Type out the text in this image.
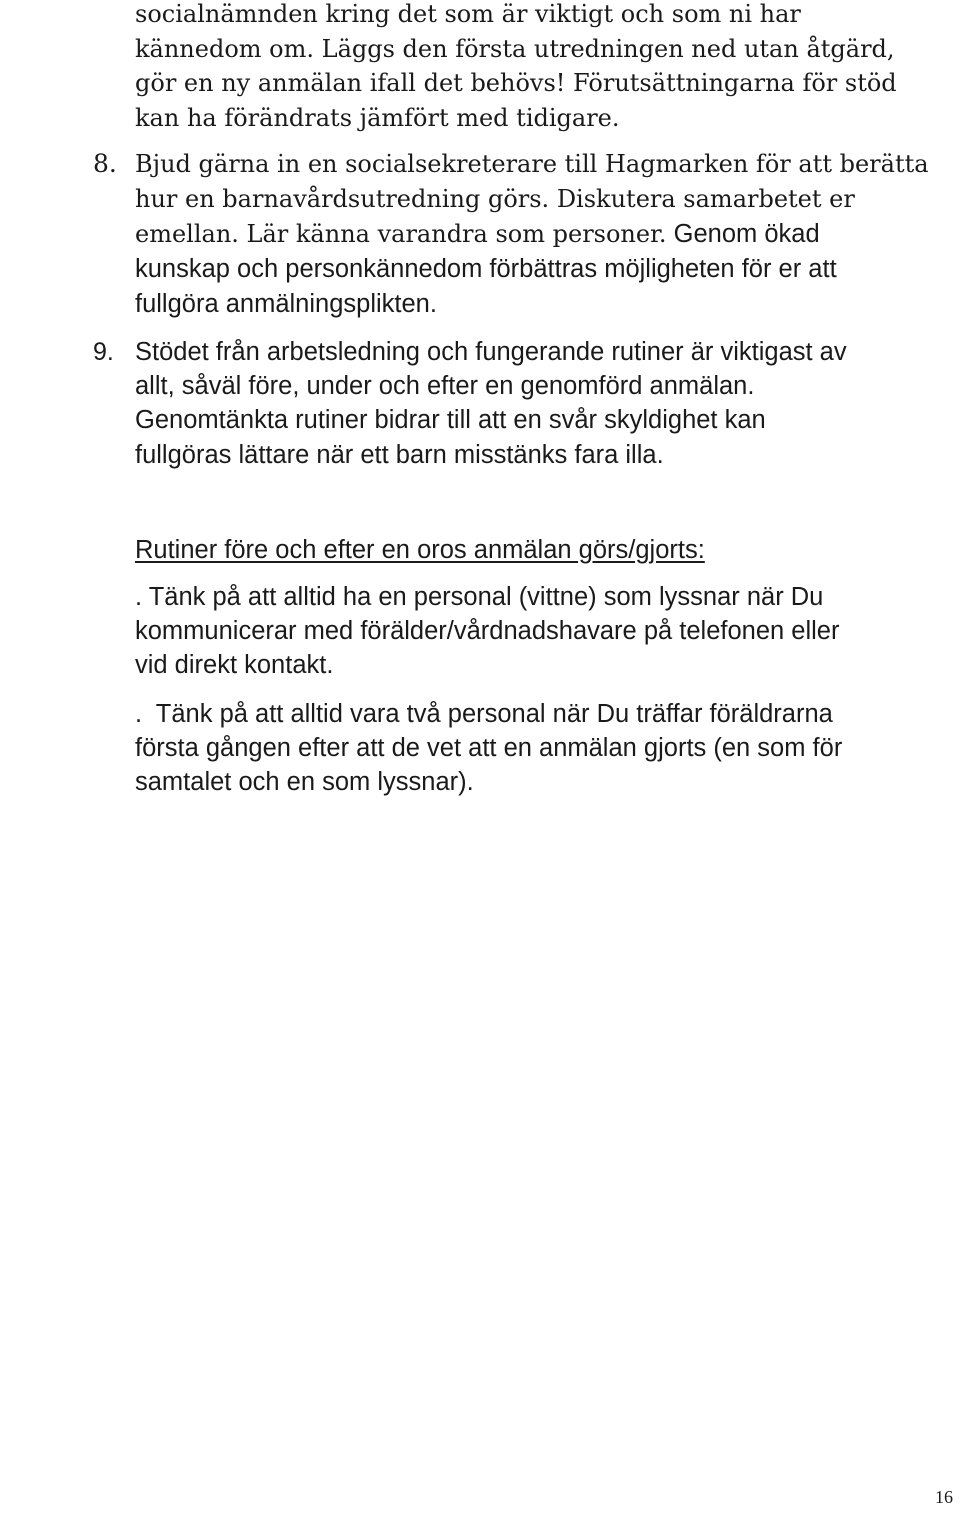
socialnämnden kring det som är viktigt och som ni har
kännedom om. Läggs den första utredningen ned utan åtgärd,
gör en ny anmälan ifall det behövs! Förutsättningarna för stöd
kan ha förändrats jämfört med tidigare.
8. Bjud gärna in en socialsekreterare till Hagmarken för att berätta
hur en barnavårdsutredning görs. Diskutera samarbetet er
emellan. Lär känna varandra som personer. Genom ökad
kunskap och personkännedom förbättras möjligheten för er att
fullgöra anmälningsplikten.
9. Stödet från arbetsledning och fungerande rutiner är viktigast av
allt, såväl före, under och efter en genomförd anmälan.
Genomtänkta rutiner bidrar till att en svår skyldighet kan
fullgöras lättare när ett barn misstänks fara illa.
Rutiner före och efter en oros anmälan görs/gjorts:
. Tänk på att alltid ha en personal (vittne) som lyssnar när Du
kommunicerar med förälder/vårdnadshavare på telefonen eller
vid direkt kontakt.
.  Tänk på att alltid vara två personal när Du träffar föräldrarna
första gången efter att de vet att en anmälan gjorts (en som för
samtalet och en som lyssnar).
16
